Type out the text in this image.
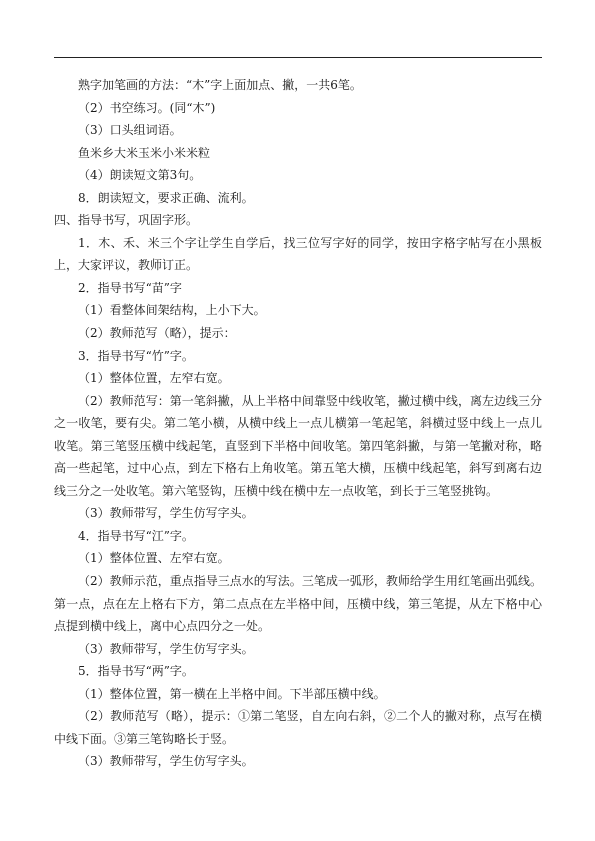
熟字加笔画的方法：“木”字上面加点、撇，一共6笔。

（2）书空练习。(同“木”)

（3）口头组词语。

鱼米乡大米玉米小米米粒

（4）朗读短文第3句。

8．朗读短文，要求正确、流利。

四、指导书写，巩固字形。

1．木、禾、米三个字让学生自学后，找三位写字好的同学，按田字格字帖写在小黑板上，大家评议，教师订正。

2．指导书写“苗”字

（1）看整体间架结构，上小下大。

（2）教师范写（略），提示：

3．指导书写“竹”字。

（1）整体位置，左窄右宽。

（2）教师范写：第一笔斜撇，从上半格中间靠竖中线收笔，撇过横中线，离左边线三分之一收笔，要有尖。第二笔小横，从横中线上一点儿横第一笔起笔，斜横过竖中线上一点儿收笔。第三笔竖压横中线起笔，直竖到下半格中间收笔。第四笔斜撇，与第一笔撇对称，略高一些起笔，过中心点，到左下格右上角收笔。第五笔大横，压横中线起笔，斜写到离右边线三分之一处收笔。第六笔竖钩，压横中线在横中左一点收笔，到长于三笔竖挑钩。

（3）教师带写，学生仿写字头。

4．指导书写“江”字。

（1）整体位置、左窄右宽。

（2）教师示范，重点指导三点水的写法。三笔成一弧形，教师给学生用红笔画出弧线。第一点，点在左上格右下方，第二点点在左半格中间，压横中线，第三笔提，从左下格中心点提到横中线上，离中心点四分之一处。

（3）教师带写，学生仿写字头。

5．指导书写“两”字。

（1）整体位置，第一横在上半格中间。下半部压横中线。

（2）教师范写（略），提示：①第二笔竖，自左向右斜，②二个人的撇对称，点写在横中线下面。③第三笔钩略长于竖。

（3）教师带写，学生仿写字头。
